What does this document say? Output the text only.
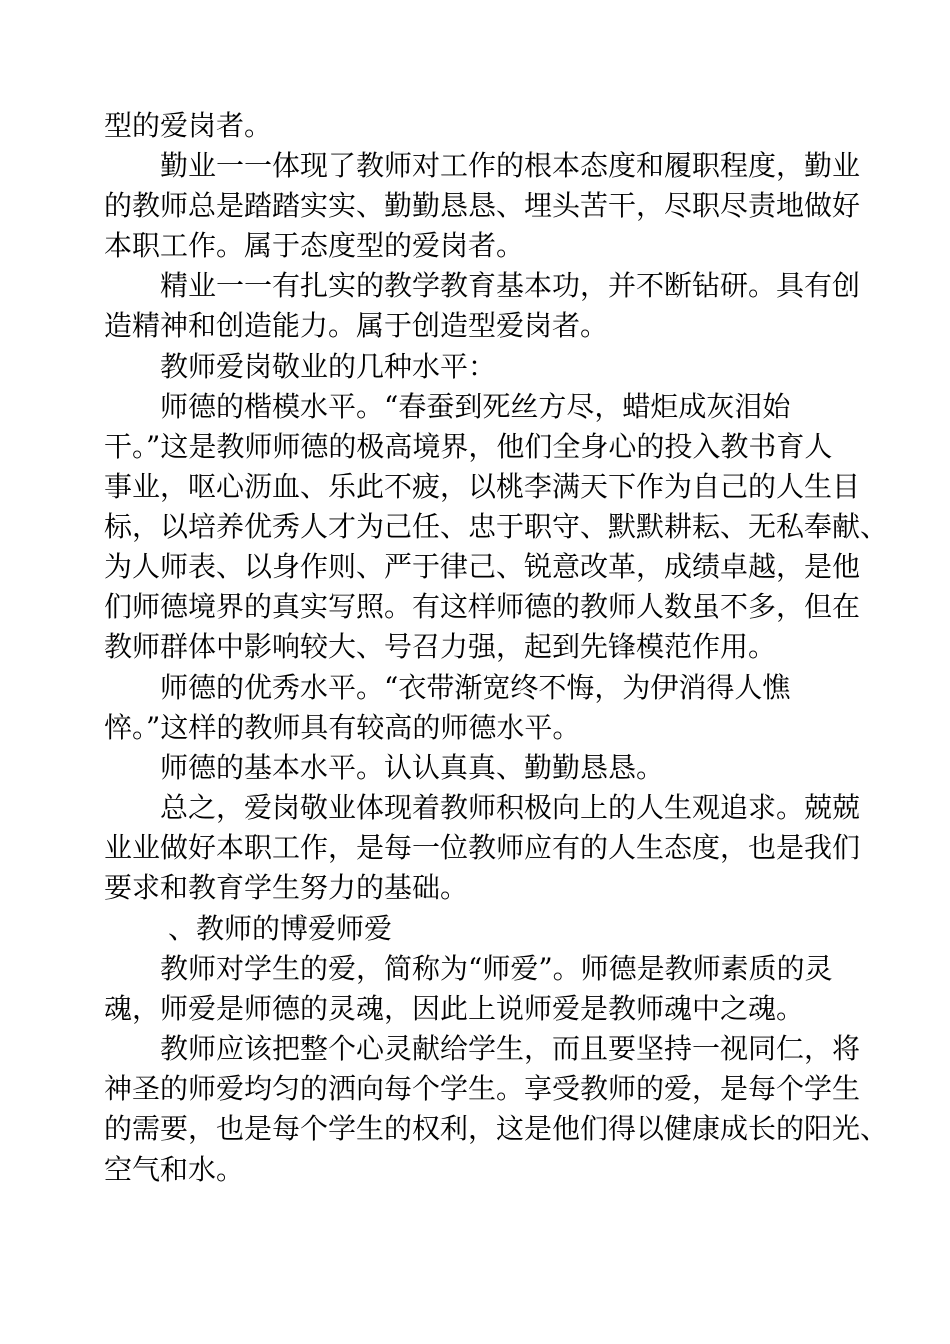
型的爱岗者。
勤业一一体现了教师对工作的根本态度和履职程度，勤业
的教师总是踏踏实实、勤勤恳恳、埋头苦干，尽职尽责地做好
本职工作。属于态度型的爱岗者。
精业一一有扎实的教学教育基本功，并不断钻研。具有创
造精神和创造能力。属于创造型爱岗者。
教师爱岗敬业的几种水平：
师德的楷模水平。“春蚕到死丝方尽，蜡炬成灰泪始
干。”这是教师师德的极高境界，他们全身心的投入教书育人
事业，呕心沥血、乐此不疲，以桃李满天下作为自己的人生目
标，以培养优秀人才为己任、忠于职守、默默耕耘、无私奉献、
为人师表、以身作则、严于律己、锐意改革，成绩卓越，是他
们师德境界的真实写照。有这样师德的教师人数虽不多，但在
教师群体中影响较大、号召力强，起到先锋模范作用。
师德的优秀水平。“衣带渐宽终不悔，为伊消得人憔
悴。”这样的教师具有较高的师德水平。
师德的基本水平。认认真真、勤勤恳恳。
总之，爱岗敬业体现着教师积极向上的人生观追求。兢兢
业业做好本职工作，是每一位教师应有的人生态度，也是我们
要求和教育学生努力的基础。
、教师的博爱师爱
教师对学生的爱，简称为“师爱”。师德是教师素质的灵
魂，师爱是师德的灵魂，因此上说师爱是教师魂中之魂。
教师应该把整个心灵献给学生，而且要坚持一视同仁，将
神圣的师爱均匀的洒向每个学生。享受教师的爱，是每个学生
的需要，也是每个学生的权利，这是他们得以健康成长的阳光、
空气和水。
